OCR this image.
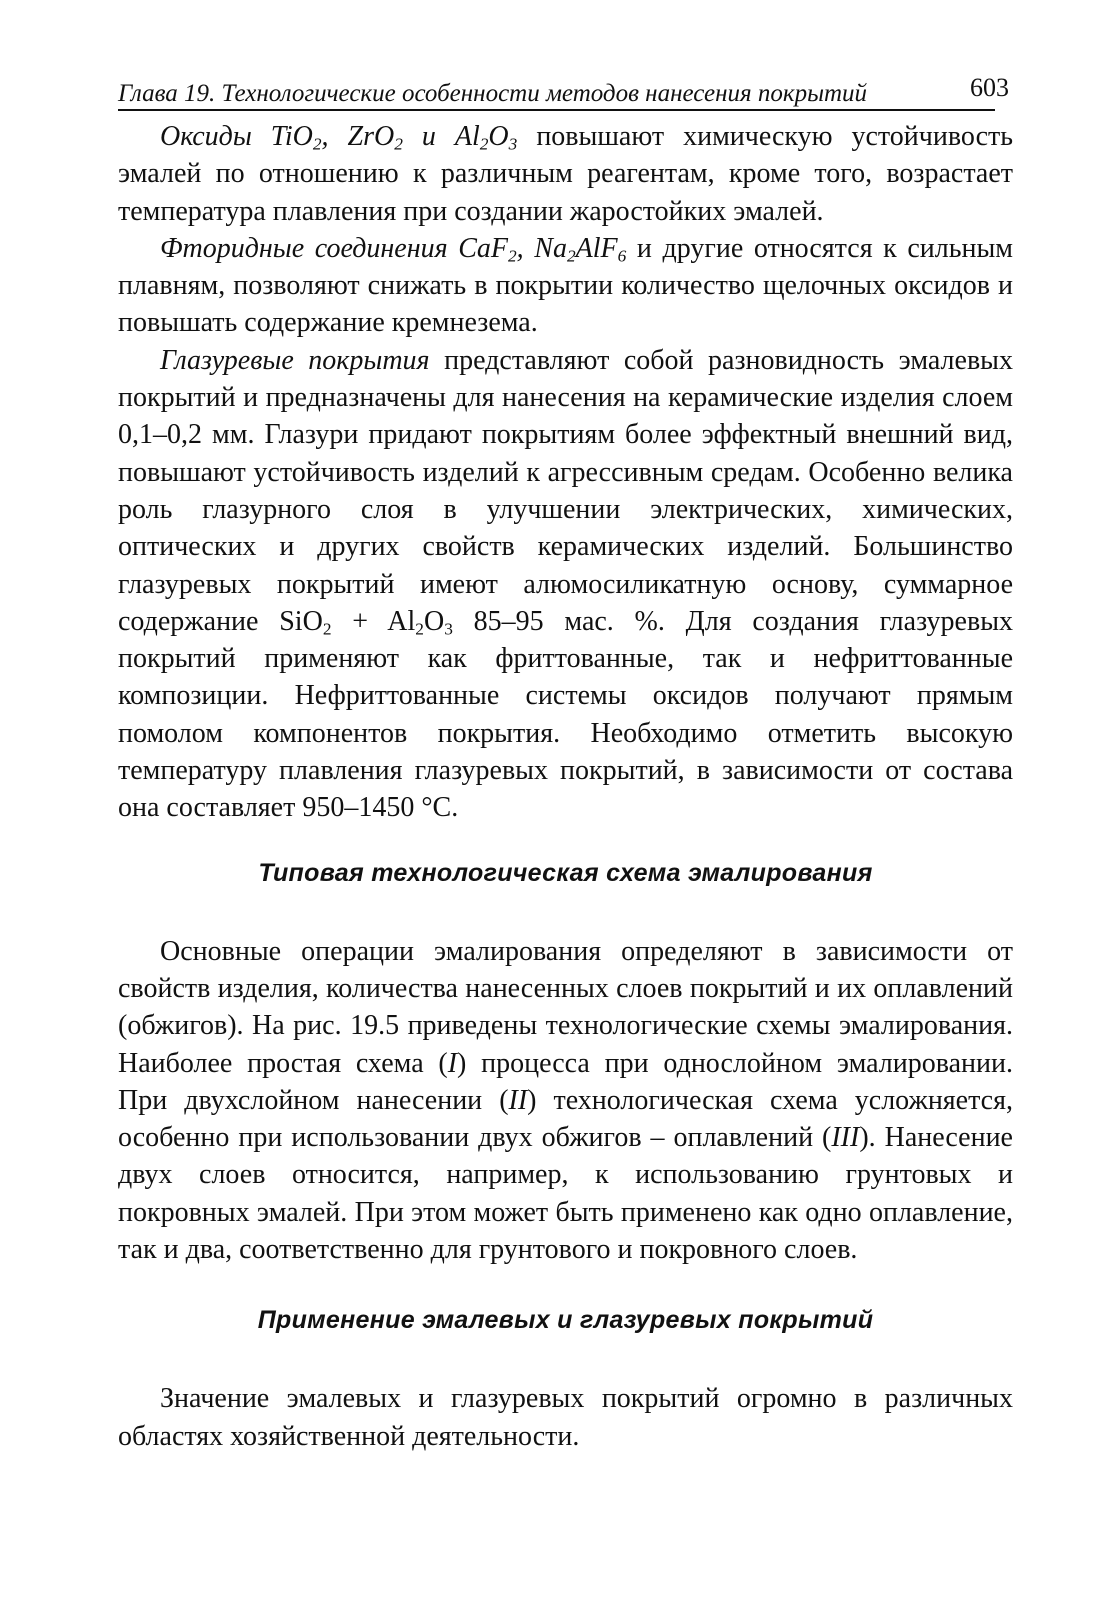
Глава 19. Технологические особенности методов нанесения покрытий	603

Оксиды TiO$_2$, ZrO$_2$ и $Al_2O_3$ повышают химическую устойчивость эмалей по отношению к различным реагентам, кроме того, возрастает температура плавления при создании жаростойких эмалей.

Фторидные соединения CaF$_2$, $Na_2AlF_6$ и другие относятся к сильным плавням, позволяют снижать в покрытии количество щелочных оксидов и повышать содержание кремнезема.

Глазуревые покрытия представляют собой разновидность эмалевых покрытий и предназначены для нанесения на керамические изделия слоем 0,1–0,2 мм. Глазури придают покрытиям более эффектный внешний вид, повышают устойчивость изделий к агрессивным средам. Особенно велика роль глазурного слоя в улучшении электрических, химических, оптических и других свойств керамических изделий. Большинство глазуревых покрытий имеют алюмосиликатную основу, суммарное содержание $SiO_2 + Al_2O_3$ 85–95 мас. %. Для создания глазуревых покрытий применяют как фриттованные, так и нефриттованные композиции. Нефриттованные системы оксидов получают прямым помолом компонентов покрытия. Необходимо отметить высокую температуру плавления глазуревых покрытий, в зависимости от состава она составляет 950–1450 °С.

Типовая технологическая схема эмалирования

Основные операции эмалирования определяют в зависимости от свойств изделия, количества нанесенных слоев покрытий и их оплавлений (обжигов). На рис. 19.5 приведены технологические схемы эмалирования. Наиболее простая схема (I) процесса при однослойном эмалировании. При двухслойном нанесении (II) технологическая схема усложняется, особенно при использовании двух обжигов – оплавлений (III). Нанесение двух слоев относится, например, к использованию грунтовых и покровных эмалей. При этом может быть применено как одно оплавление, так и два, соответственно для грунтового и покровного слоев.

Применение эмалевых и глазуревых покрытий

Значение эмалевых и глазуревых покрытий огромно в различных областях хозяйственной деятельности.
